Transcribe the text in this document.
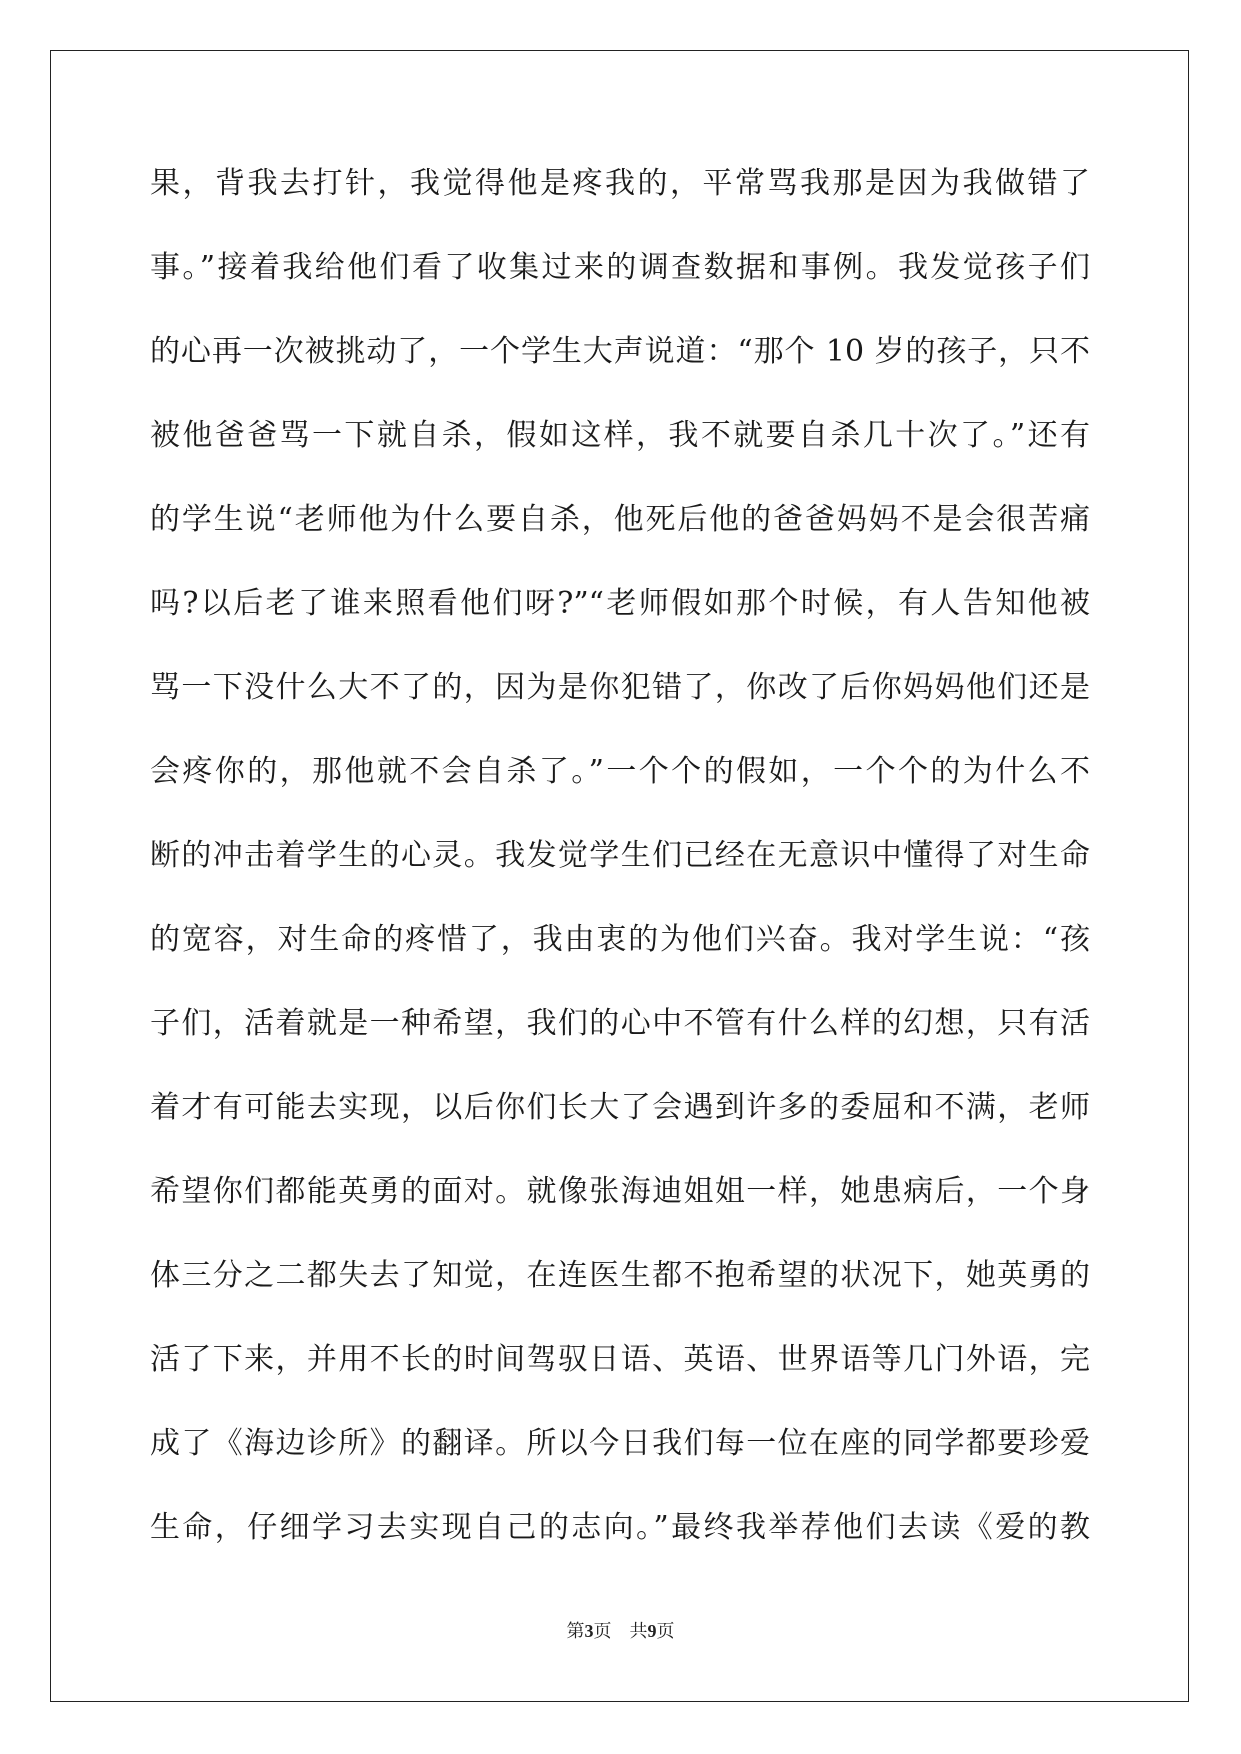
果，背我去打针，我觉得他是疼我的，平常骂我那是因为我做错了
事。”接着我给他们看了收集过来的调查数据和事例。我发觉孩子们
的心再一次被挑动了，一个学生大声说道：“那个 10 岁的孩子，只不
被他爸爸骂一下就自杀，假如这样，我不就要自杀几十次了。”还有
的学生说“老师他为什么要自杀，他死后他的爸爸妈妈不是会很苦痛
吗?以后老了谁来照看他们呀?”“老师假如那个时候，有人告知他被
骂一下没什么大不了的，因为是你犯错了，你改了后你妈妈他们还是
会疼你的，那他就不会自杀了。”一个个的假如，一个个的为什么不
断的冲击着学生的心灵。我发觉学生们已经在无意识中懂得了对生命
的宽容，对生命的疼惜了，我由衷的为他们兴奋。我对学生说：“孩
子们，活着就是一种希望，我们的心中不管有什么样的幻想，只有活
着才有可能去实现，以后你们长大了会遇到许多的委屈和不满，老师
希望你们都能英勇的面对。就像张海迪姐姐一样，她患病后，一个身
体三分之二都失去了知觉，在连医生都不抱希望的状况下，她英勇的
活了下来，并用不长的时间驾驭日语、英语、世界语等几门外语，完
成了《海边诊所》的翻译。所以今日我们每一位在座的同学都要珍爱
生命，仔细学习去实现自己的志向。”最终我举荐他们去读《爱的教
第3页 共9页
